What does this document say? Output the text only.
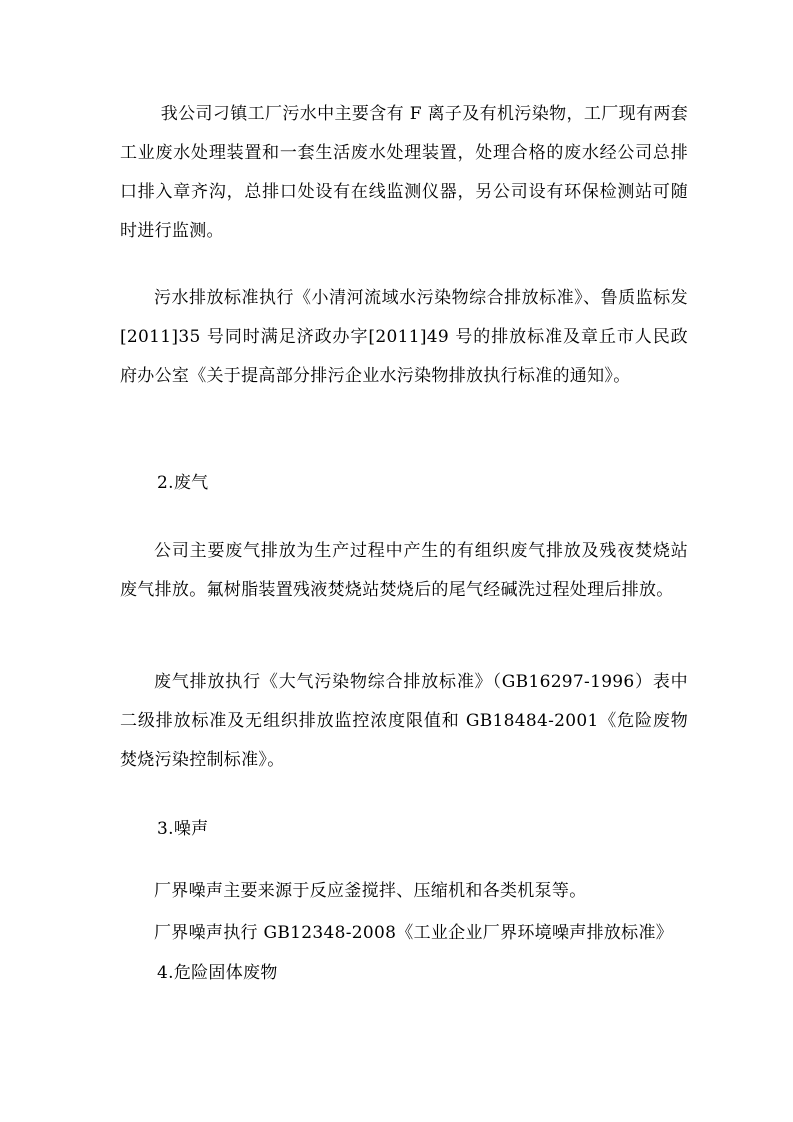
我公司刁镇工厂污水中主要含有 F 离子及有机污染物，工厂现有两套工业废水处理装置和一套生活废水处理装置，处理合格的废水经公司总排口排入章齐沟，总排口处设有在线监测仪器，另公司设有环保检测站可随时进行监测。

污水排放标准执行《小清河流域水污染物综合排放标准》、鲁质监标发[2011]35 号同时满足济政办字[2011]49 号的排放标准及章丘市人民政府办公室《关于提高部分排污企业水污染物排放执行标准的通知》。

2.废气

公司主要废气排放为生产过程中产生的有组织废气排放及残夜焚烧站废气排放。氟树脂装置残液焚烧站焚烧后的尾气经碱洗过程处理后排放。

废气排放执行《大气污染物综合排放标准》（GB16297-1996）表中二级排放标准及无组织排放监控浓度限值和 GB18484-2001《危险废物焚烧污染控制标准》。

3.噪声

厂界噪声主要来源于反应釜搅拌、压缩机和各类机泵等。

厂界噪声执行 GB12348-2008《工业企业厂界环境噪声排放标准》

4.危险固体废物
